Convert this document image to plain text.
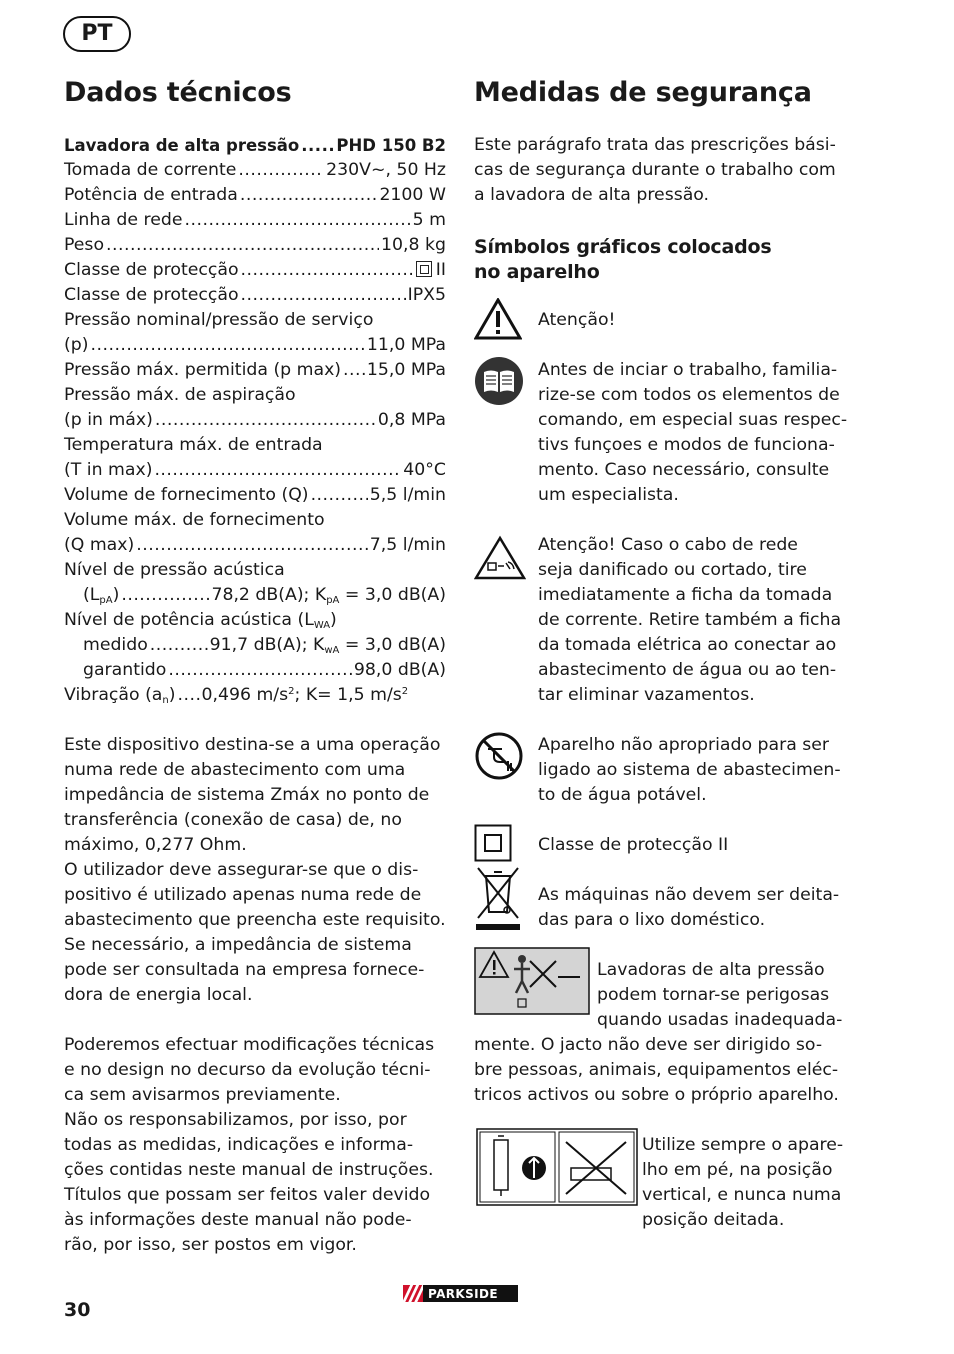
PT
Dados técnicos
Lavadora de alta pressão ..... PHD 150 B2
Tomada de corrente .....	230V~, 50 Hz
Potência de entrada .....	2100 W
Linha de rede .....	5 m
Peso .....	10,8 kg
Classe de protecção .....	II
Classe de protecção .....	IPX5
Pressão nominal/pressão de serviço
(p) .....	11,0 MPa
Pressão máx. permitida (p max) ..... 15,0 MPa
Pressão máx. de aspiração
(p in máx) .....	0,8 MPa
Temperatura máx. de entrada
(T in max) .....	40°C
Volume de fornecimento (Q) .....	5,5 l/min
Volume máx. de fornecimento
(Q max) .....	7,5 l/min
Nível de pressão acústica
$(L_{pA})$ .....	78,2 dB(A); $K_{pA} = 3,0$ dB(A)
Nível de potência acústica $(L_{WA})$
medido .....	91,7 dB(A); $K_{wA} = 3,0$ dB(A)
garantido .....	98,0 dB(A)
Vibração $(a_n)$ ..... 0,496 $m/s^2$; K= 1,5 $m/s^2$
Este dispositivo destina-se a uma operação
numa rede de abastecimento com uma
impedância de sistema Zmáx no ponto de
transferência (conexão de casa) de, no
máximo, 0,277 Ohm.
O utilizador deve assegurar-se que o dis-
positivo é utilizado apenas numa rede de
abastecimento que preencha este requisito.
Se necessário, a impedância de sistema
pode ser consultada na empresa fornece-
dora de energia local.
Poderemos efectuar modificações técnicas
e no design no decurso da evolução técni-
ca sem avisarmos previamente.
Não os responsabilizamos, por isso, por
todas as medidas, indicações e informa-
ções contidas neste manual de instruções.
Títulos que possam ser feitos valer devido
às informações deste manual não pode-
rão, por isso, ser postos em vigor.
Medidas de segurança
Este parágrafo trata das prescrições bási-
cas de segurança durante o trabalho com
a lavadora de alta pressão.
Símbolos gráficos colocados
no aparelho
Atenção!
Antes de inciar o trabalho, familia-
rize-se com todos os elementos de
comando, em especial suas respec-
tivs funçoes e modos de funciona-
mento. Caso necessário, consulte
um especialista.
Atenção! Caso o cabo de rede
seja danificado ou cortado, tire
imediatamente a ficha da tomada
de corrente. Retire também a ficha
da tomada elétrica ao conectar ao
abastecimento de água ou ao ten-
tar eliminar vazamentos.
Aparelho não apropriado para ser
ligado ao sistema de abastecimen-
to de água potável.
Classe de protecção II
As máquinas não devem ser deita-
das para o lixo doméstico.
Lavadoras de alta pressão
podem tornar-se perigosas
quando usadas inadequada-
mente. O jacto não deve ser dirigido so-
bre pessoas, animais, equipamentos eléc-
tricos activos ou sobre o próprio aparelho.
Utilize sempre o apare-
lho em pé, na posição
vertical, e nunca numa
posição deitada.
30
PARKSIDE
